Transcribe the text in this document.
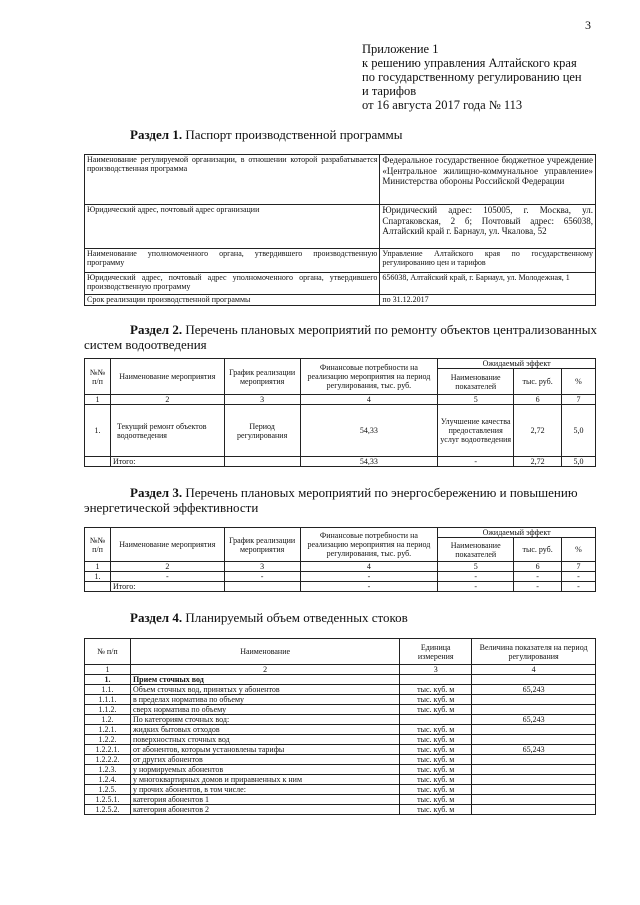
3
Приложение 1
к решению управления Алтайского края
по государственному регулированию цен
и тарифов
от 16 августа 2017 года № 113
Раздел 1. Паспорт производственной программы
Наименование регулируемой организации, в отношении которой разрабатывается производственная программа	Федеральное государственное бюджетное учреждение «Центральное жилищно-коммунальное управление» Министерства обороны Российской Федерации
Юридический адрес, почтовый адрес организации	Юридический адрес: 105005, г. Москва, ул. Спартаковская, 2 б; Почтовый адрес: 656038, Алтайский край г. Барнаул, ул. Чкалова, 52
Наименование уполномоченного органа, утвердившего производственную программу	Управление Алтайского края по государственному регулированию цен и тарифов
Юридический адрес, почтовый адрес уполномоченного органа, утвердившего производственную программу	656038, Алтайский край, г. Барнаул, ул. Молодежная, 1
Срок реализации производственной программы	по 31.12.2017
Раздел 2. Перечень плановых мероприятий по ремонту объектов централизованных
систем водоотведения
№№ п/п	Наименование мероприятия	График реализации мероприятия	Финансовые потребности на реализацию мероприятия на период регулирования, тыс. руб.	Ожидаемый эффект		
				Наименование показателей	тыс. руб.	%
1	2	3	4	5	6	7
1.	Текущий ремонт объектов водоотведения	Период регулирования	54,33	Улучшение качества предоставления услуг водоотведения	2,72	5,0
	Итого:		54,33	-	2,72	5,0
Раздел 3. Перечень плановых мероприятий по энергосбережению и повышению
энергетической эффективности
№№ п/п	Наименование мероприятия	График реализации мероприятия	Финансовые потребности на реализацию мероприятия на период регулирования, тыс. руб.	Ожидаемый эффект		
				Наименование показателей	тыс. руб.	%
1	2	3	4	5	6	7
1.	-	-	-	-	-	-
	Итого:		-	-	-	-
Раздел 4. Планируемый объем отведенных стоков
№ п/п	Наименование	Единица измерения	Величина показателя на период регулирования
1	2	3	4
1.	Прием сточных вод		
1.1.	Объем сточных вод, принятых у абонентов	тыс. куб. м	65,243
1.1.1.	в пределах норматива по объему	тыс. куб. м	
1.1.2.	сверх норматива по объему	тыс. куб. м	
1.2.	По категориям сточных вод:		65,243
1.2.1.	жидких бытовых отходов	тыс. куб. м	
1.2.2.	поверхностных сточных вод	тыс. куб. м	
1.2.2.1.	от абонентов, которым установлены тарифы	тыс. куб. м	65,243
1.2.2.2.	от других абонентов	тыс. куб. м	
1.2.3.	у нормируемых абонентов	тыс. куб. м	
1.2.4.	у многоквартирных домов и приравненных к ним	тыс. куб. м	
1.2.5.	у прочих абонентов, в том числе:	тыс. куб. м	
1.2.5.1.	категория абонентов 1	тыс. куб. м	
1.2.5.2.	категория абонентов 2	тыс. куб. м	
